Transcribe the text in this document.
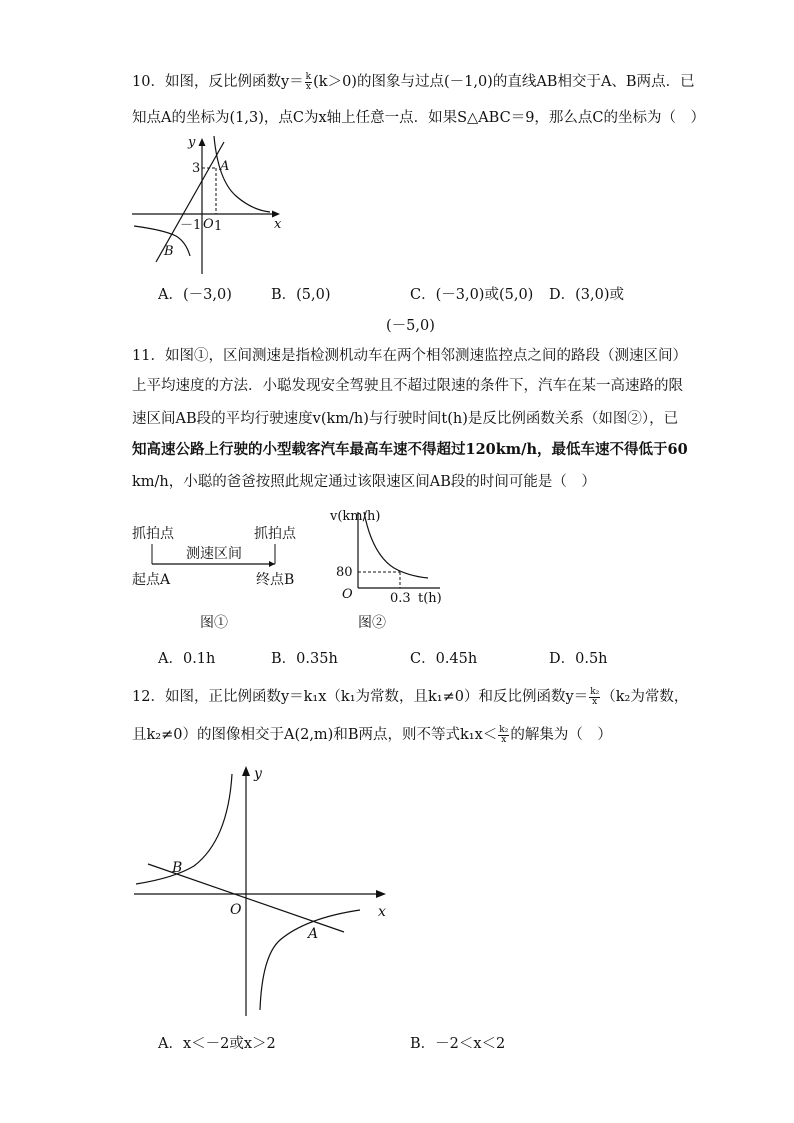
10．如图，反比例函数$y= \frac{k}{x} (k>0)$的图象与过点(－1,0)的直线AB相交于A、B两点．已
知点A的坐标为(1,3)，点C为x轴上任意一点．如果S△ABC＝9，那么点C的坐标为（　）
y
x
3 A
B
－1 O 1
A．(－3,0)	B．(5,0)	C．(－3,0)或(5,0) D．(3,0)或
(－5,0)
11．如图①，区间测速是指检测机动车在两个相邻测速监控点之间的路段（测速区间）
上平均速度的方法．小聪发现安全驾驶且不超过限速的条件下，汽车在某一高速路的限
速区间AB段的平均行驶速度v(km/h)与行驶时间t(h)是反比例函数关系（如图②），已
知高速公路上行驶的小型载客汽车最高车速不得超过120km/h，最低车速不得低于60
km/h，小聪的爸爸按照此规定通过该限速区间AB段的时间可能是（　）
抓拍点	抓拍点
测速区间
起点A	终点B
图①
v(km/h)
80
O	0.3 t(h)
图②
A．0.1h	B．0.35h	C．0.45h	D．0.5h
12．如图，正比例函数y＝k₁x（k₁为常数，且k₁≠0）和反比例函数$y= \frac{\text{k₂}}{x} (k_2$为常数，
且k₂≠0）的图像相交于A(2,m)和B两点，则不等式$k_1x< \frac{\text{k₂}}{x}$ 的解集为（　）
y
x
O
A
B
A．x＜－2或x＞2	B．－2＜x＜2
